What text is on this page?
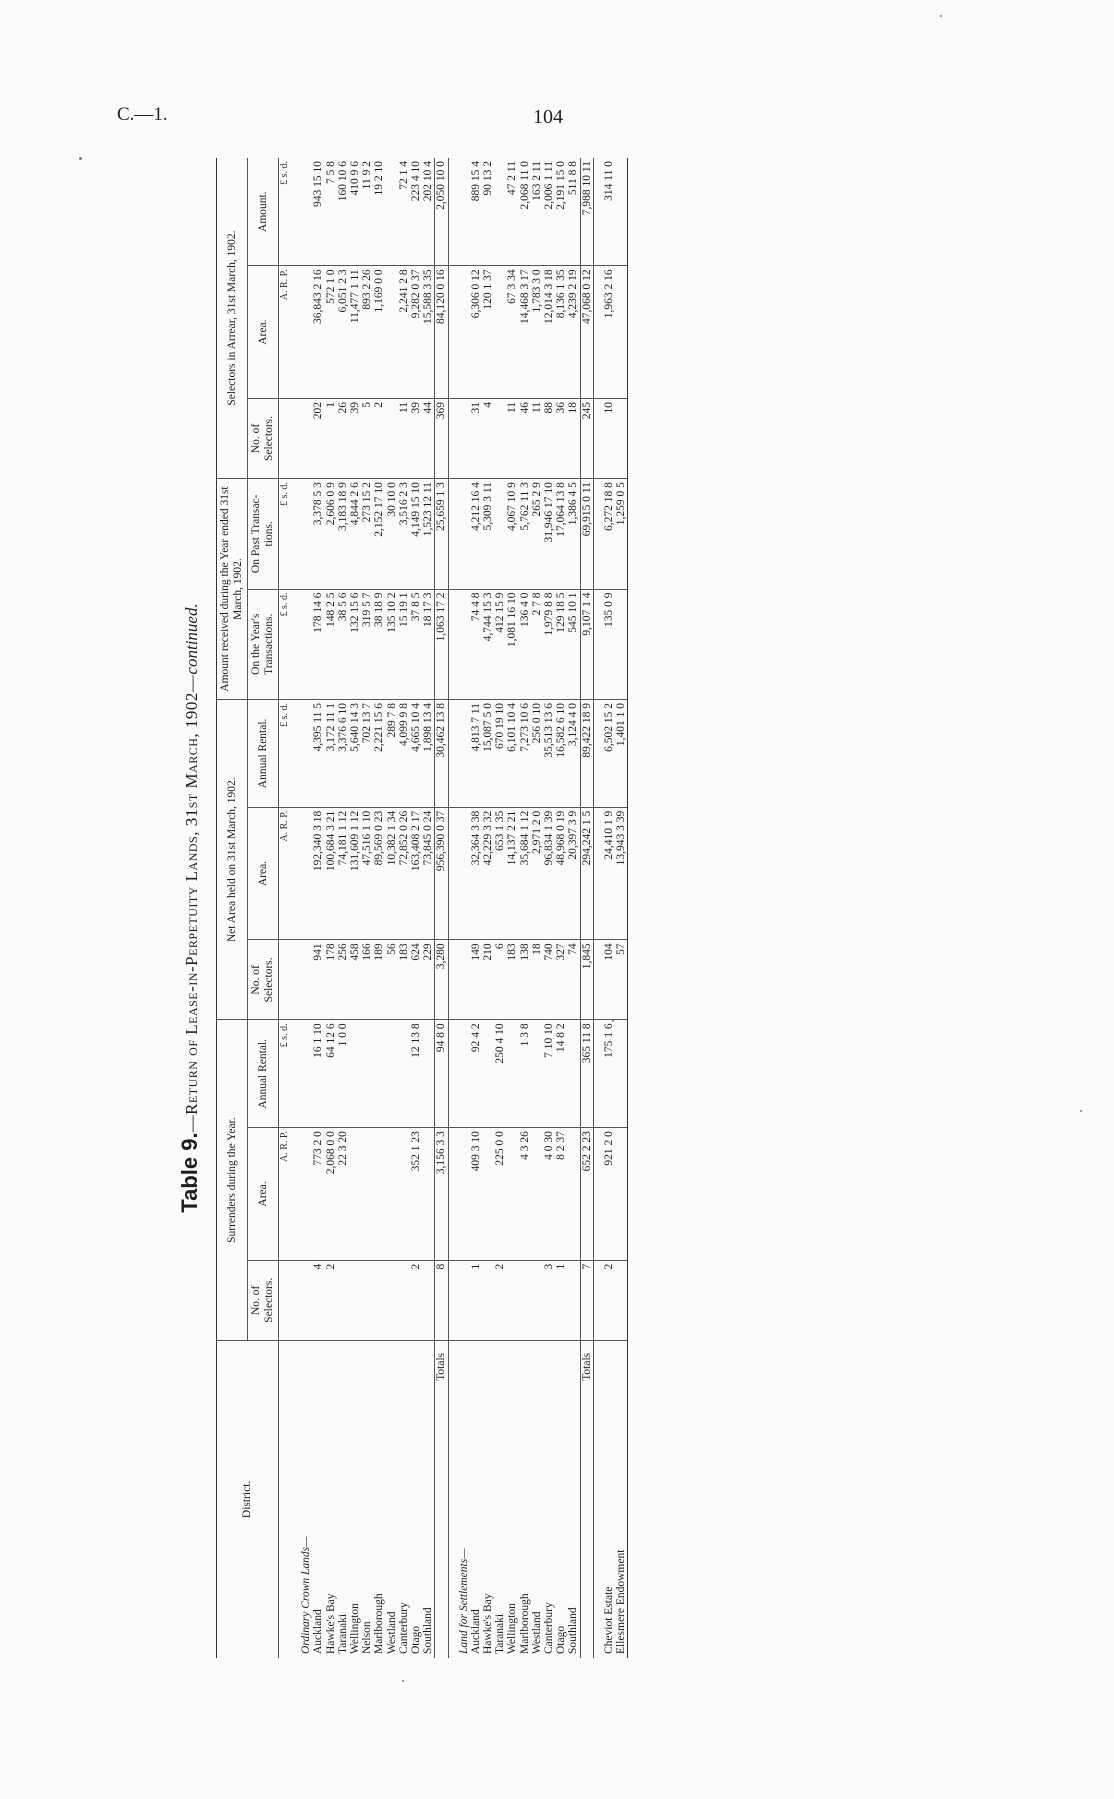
C.—1.	104
Table 9.—Return of Lease-in-Perpetuity Lands, 31st March, 1902—continued.
District.	Surrenders during the Year.			Net Area held on 31st March, 1902.			Amount received during the Year ended 31st March, 1902.		Selectors in Arrear, 31st March, 1902.		
	No. of Selectors.	Area.	Annual Rental.	No. of Selectors.	Area.	Annual Rental.	On the Year's Transactions.	On Past Transac-tions.	No. of Selectors.	Area.	Amount.
		A. R. P.	£ s. d.		A. R. P.	£ s. d.	£ s. d.	£ s. d.		A. R. P.	£ s. d.

Ordinary Crown Lands—											
Auckland	4	773 2 0	16 1 10	941	192,340 3 18	4,395 11 5	178 14 6	3,378 5 3	202	36,843 2 16	943 15 10
Hawke's Bay	2	2,068 0 0	64 12 6	178	100,684 3 21	3,172 11 1	148 2 5	2,606 0 9	1	572 1 0	7 5 8
Taranaki		22 3 20	1 0 0	256	74,181 1 12	3,376 6 10	38 5 6	3,183 18 9	26	6,051 2 3	160 10 6
Wellington				458	131,609 1 12	5,640 14 3	132 15 6	4,844 2 6	39	11,477 1 11	410 9 6
Nelson				166	47,516 1 10	702 13 7	319 5 7	273 15 2	5	893 2 26	11 9 2
Marlborough				189	89,569 0 23	2,221 15 6	38 18 9	2,152 17 10	2	1,169 0 0	19 2 10
Westland				56	10,382 1 34	289 7 8	135 10 2	30 10 0			
Canterbury				183	72,852 0 26	4,099 9 8	15 19 1	3,516 2 3	11	2,241 2 8	72 1 4
Otago	2	352 1 23	12 13 8	624	163,408 2 17	4,665 10 4	37 8 5	4,149 15 10	39	9,282 0 37	223 4 10
Southland				229	73,845 0 24	1,898 13 4	18 17 3	1,523 12 11	44	15,588 3 35	202 10 4
Totals	8	3,156 3 3	94 8 0	3,280	956,390 0 37	30,462 13 8	1,063 17 2	25,659 1 3	369	84,120 0 16	2,050 10 0

Land for Settlements—											
Auckland	1	409 3 10	92 4 2	149	32,364 3 38	4,813 7 11	74 4 8	4,212 16 4	31	6,306 0 12	889 15 4
Hawke's Bay				210	42,229 3 32	15,087 5 0	4,744 15 3	5,309 3 11	4	120 1 37	90 13 2
Taranaki	2	225 0 0	250 4 10	6	653 1 35	670 19 10	412 15 9				
Wellington				183	14,137 2 21	6,101 10 4	1,081 16 10	4,067 10 9	11	67 3 34	47 2 11
Marlborough		4 3 26	1 3 8	138	35,684 1 12	7,273 10 6	136 4 0	5,762 11 3	46	14,468 3 17	2,068 11 0
Westland				18	2,971 2 0	256 0 10	2 7 8	265 2 9	11	1,783 3 0	163 2 11
Canterbury	3	4 0 30	7 10 10	740	96,834 1 39	35,513 13 6	1,979 8 8	31,946 17 10	88	12,014 3 18	2,006 1 11
Otago	1	8 2 37	14 8 2	327	48,968 0 19	16,582 6 10	129 18 5	17,064 13 8	36	8,136 1 35	2,191 15 0
Southland				74	20,397 3 9	3,124 4 0	545 10 1	1,386 4 5	18	4,239 2 19	511 8 8
Totals	7	652 2 23	365 11 8	1,845	294,242 1 5	89,422 18 9	9,107 1 4	69,915 0 11	245	47,068 0 12	7,988 10 11

Cheviot Estate	2	921 2 0	175 1 6	104	24,410 1 9	6,502 15 2	135 0 9	6,272 18 8	10	1,963 2 16	314 11 0
Ellesmere Endowment				57	13,943 3 39	1,401 1 0		1,259 0 5			
